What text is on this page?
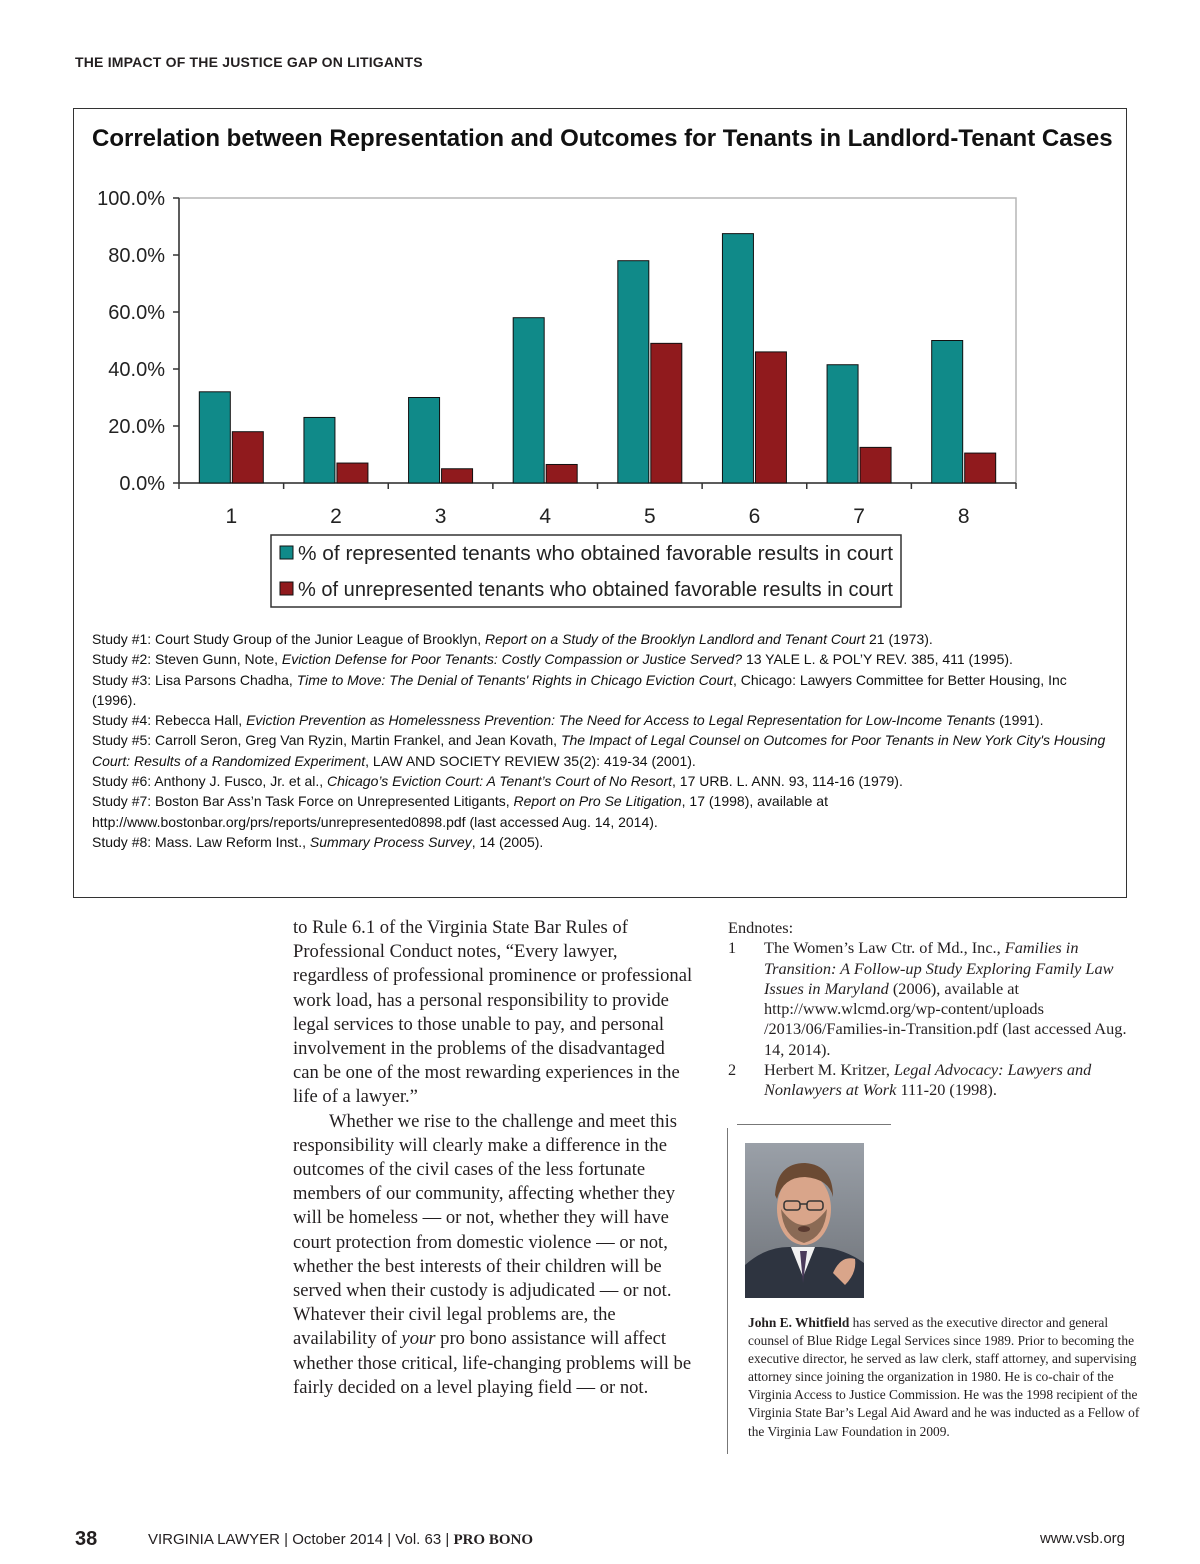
THE IMPACT OF THE JUSTICE GAP ON LITIGANTS
0.0%
20.0%
40.0%
60.0%
80.0%
100.0%
1	2	3	4	5	6	7	8
% of represented tenants who obtained favorable results in court
% of unrepresented tenants who obtained favorable results in court
Correlation between Representation and Outcomes for Tenants in Landlord-Tenant Cases
Study #1: Court Study Group of the Junior League of Brooklyn, Report on a Study of the Brooklyn Landlord and Tenant Court 21 (1973).
Study #2: Steven Gunn, Note, Eviction Defense for Poor Tenants: Costly Compassion or Justice Served? 13 YALE L. & POL’Y REV. 385, 411 (1995).
Study #3: Lisa Parsons Chadha, Time to Move: The Denial of Tenants' Rights in Chicago Eviction Court, Chicago: Lawyers Committee for Better Housing, Inc (1996).
Study #4: Rebecca Hall, Eviction Prevention as Homelessness Prevention: The Need for Access to Legal Representation for Low-Income Tenants (1991).
Study #5: Carroll Seron, Greg Van Ryzin, Martin Frankel, and Jean Kovath, The Impact of Legal Counsel on Outcomes for Poor Tenants in New York City's Housing Court: Results of a Randomized Experiment, LAW AND SOCIETY REVIEW 35(2): 419-34 (2001).
Study #6: Anthony J. Fusco, Jr. et al., Chicago’s Eviction Court: A Tenant’s Court of No Resort, 17 URB. L. ANN. 93, 114-16 (1979).
Study #7: Boston Bar Ass’n Task Force on Unrepresented Litigants, Report on Pro Se Litigation, 17 (1998), available at http://www.bostonbar.org/prs/reports/unrepresented0898.pdf (last accessed Aug. 14, 2014).
Study #8: Mass. Law Reform Inst., Summary Process Survey, 14 (2005).

to Rule 6.1 of the Virginia State Bar Rules of Professional Conduct notes, “Every lawyer, regardless of professional prominence or professional work load, has a personal responsibility to provide legal services to those unable to pay, and personal involvement in the problems of the disadvantaged can be one of the most rewarding experiences in the life of a lawyer.”

Whether we rise to the challenge and meet this responsibility will clearly make a difference in the outcomes of the civil cases of the less fortunate members of our community, affecting whether they will be homeless — or not, whether they will have court protection from domestic violence — or not, whether the best interests of their children will be served when their custody is adjudicated — or not. Whatever their civil legal problems are, the availability of your pro bono assistance will affect whether those critical, life-changing problems will be fairly decided on a level playing field — or not.

Endnotes:
1 The Women’s Law Ctr. of Md., Inc., Families in Transition: A Follow-up Study Exploring Family Law Issues in Maryland (2006), available at http://www.wlcmd.org/wp-content/uploads /2013/06/Families-in-Transition.pdf (last accessed Aug. 14, 2014).
2 Herbert M. Kritzer, Legal Advocacy: Lawyers and Nonlawyers at Work 111-20 (1998).
John E. Whitfield has served as the executive director and general counsel of Blue Ridge Legal Services since 1989. Prior to becoming the executive director, he served as law clerk, staff attorney, and supervising attorney since joining the organization in 1980. He is co-chair of the Virginia Access to Justice Commission. He was the 1998 recipient of the Virginia State Bar’s Legal Aid Award and he was inducted as a Fellow of the Virginia Law Foundation in 2009.
38	VIRGINIA LAWYER | October 2014 | Vol. 63 | PRO BONO	www.vsb.org
